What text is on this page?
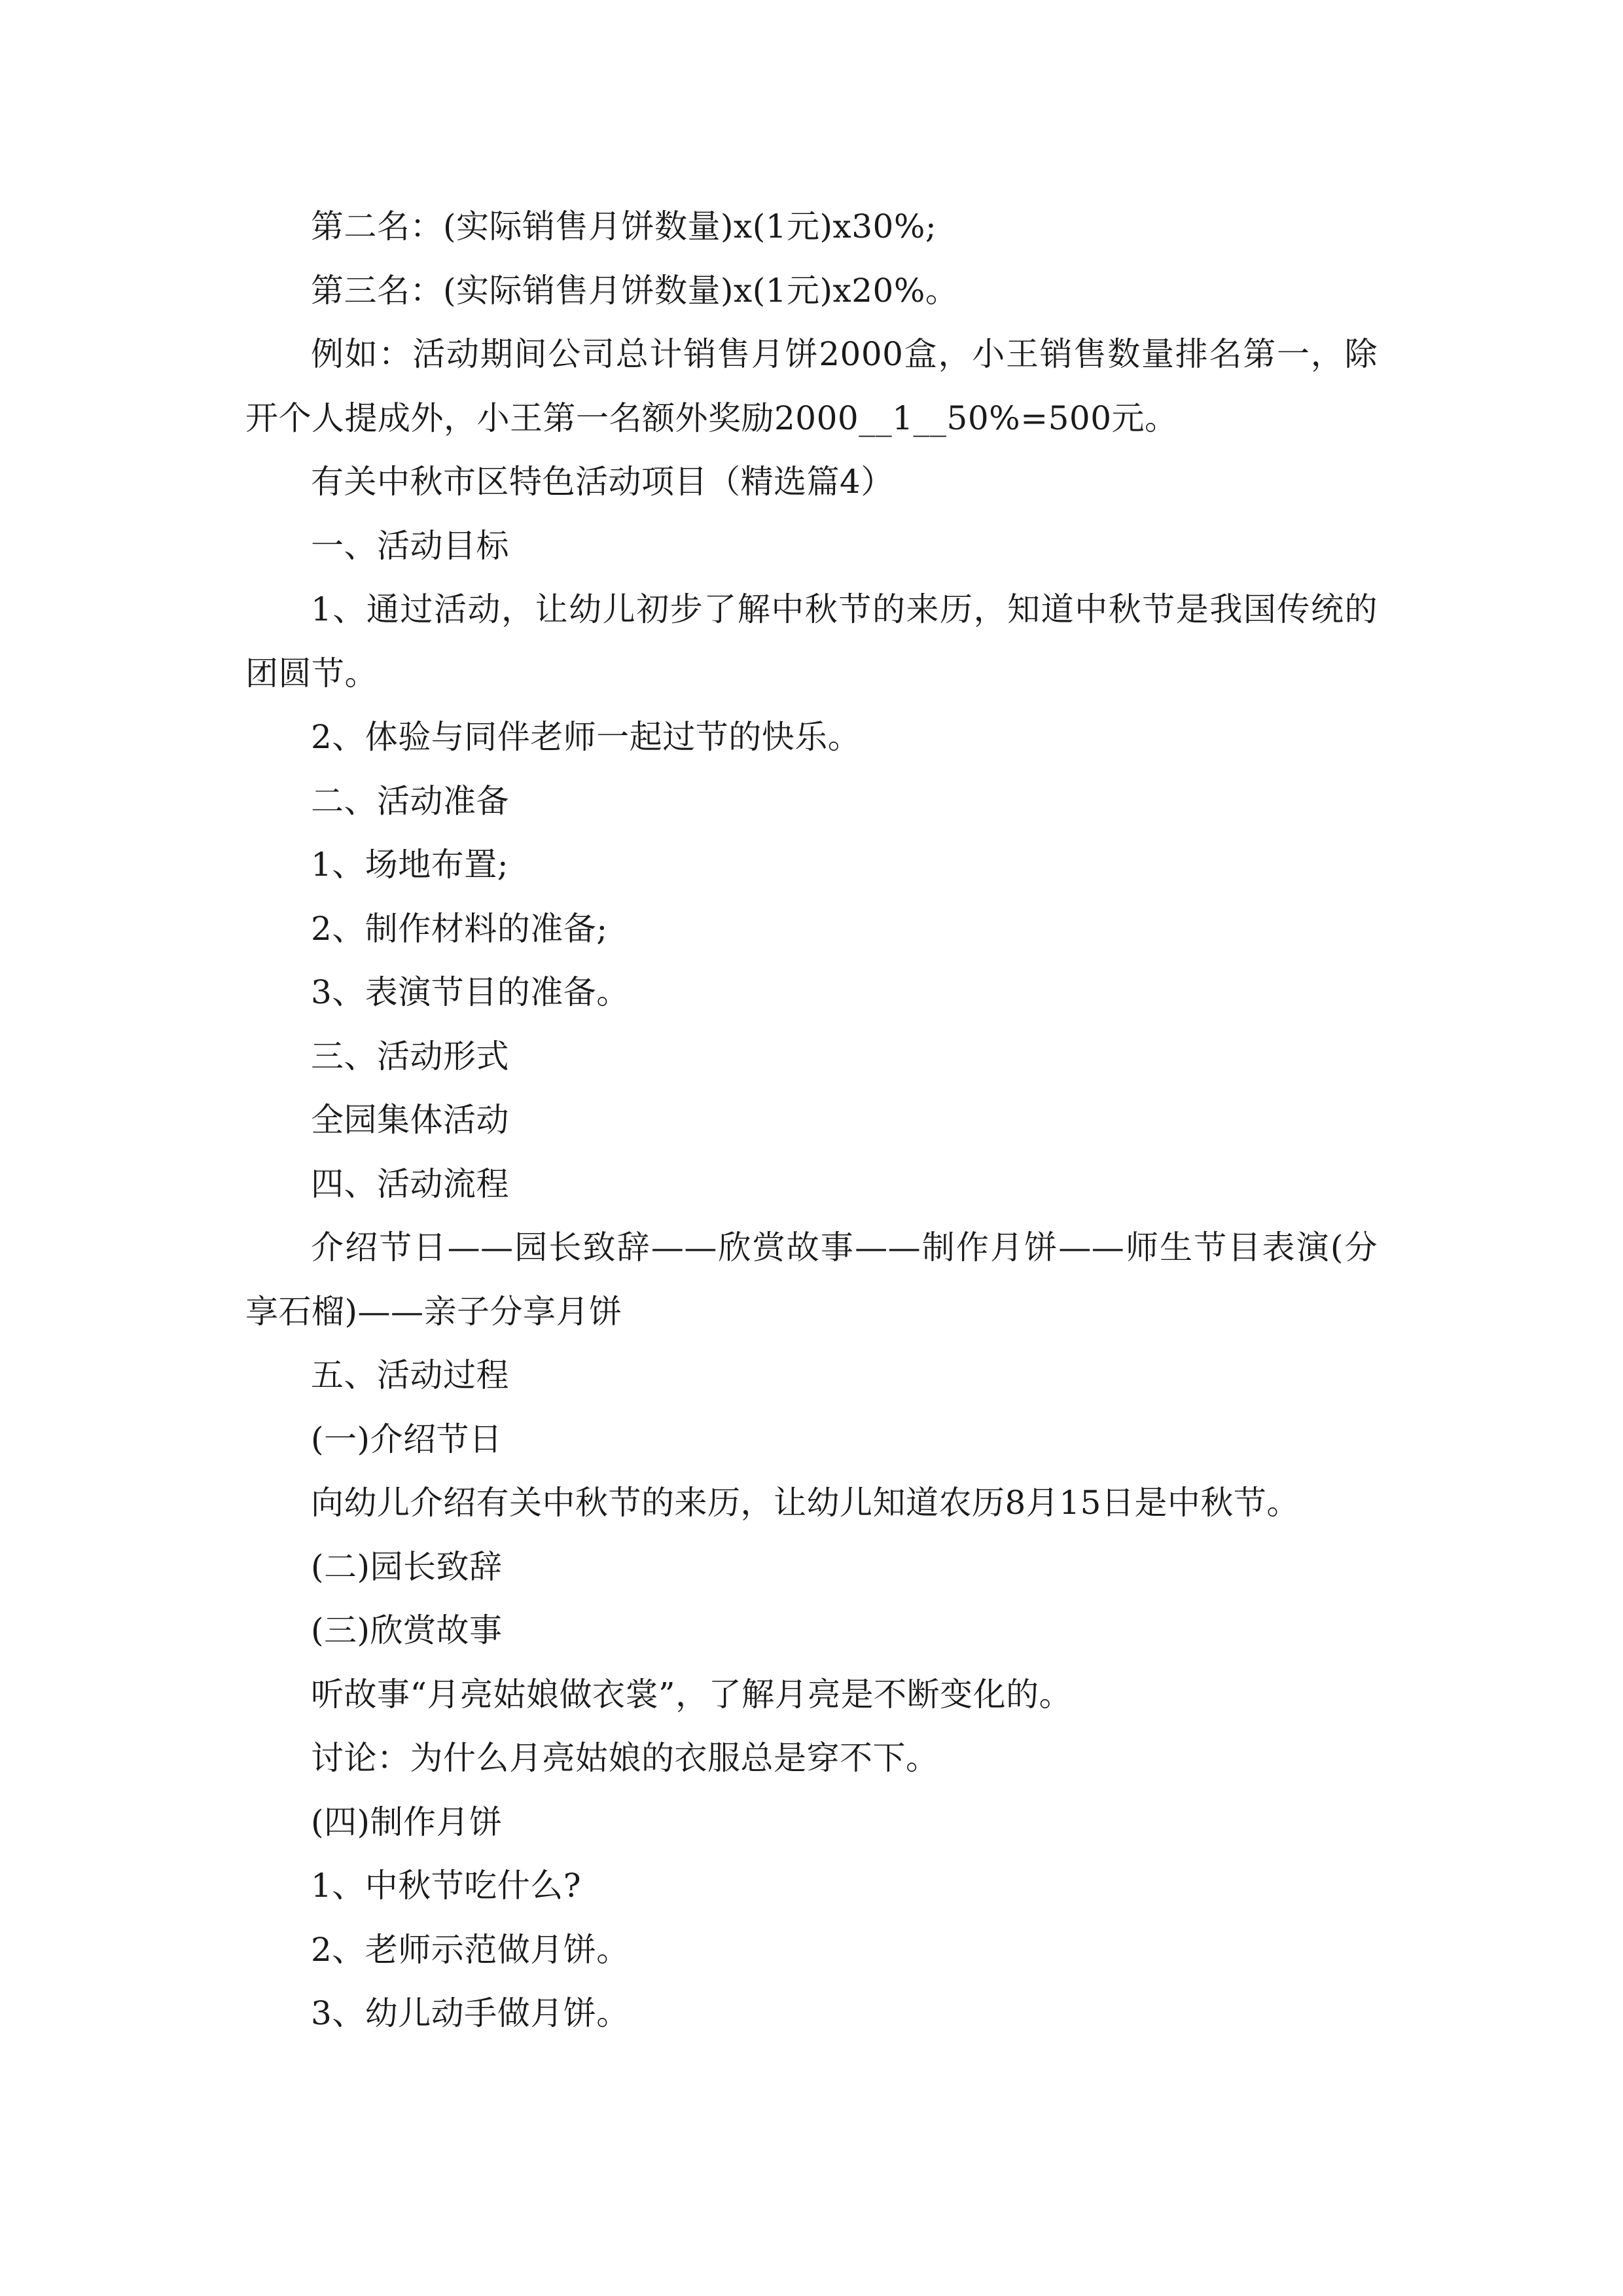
第二名：(实际销售月饼数量)x(1元)x30%;

第三名：(实际销售月饼数量)x(1元)x20%。

例如：活动期间公司总计销售月饼2000盒，小王销售数量排名第一，除开个人提成外，小王第一名额外奖励2000__1__50%=500元。

有关中秋市区特色活动项目（精选篇4）

一、活动目标

1、通过活动，让幼儿初步了解中秋节的来历，知道中秋节是我国传统的团圆节。

2、体验与同伴老师一起过节的快乐。

二、活动准备

1、场地布置;

2、制作材料的准备;

3、表演节目的准备。

三、活动形式

全园集体活动

四、活动流程

介绍节日——园长致辞——欣赏故事——制作月饼——师生节目表演(分享石榴)——亲子分享月饼

五、活动过程

(一)介绍节日

向幼儿介绍有关中秋节的来历，让幼儿知道农历8月15日是中秋节。

(二)园长致辞

(三)欣赏故事

听故事“月亮姑娘做衣裳”，了解月亮是不断变化的。

讨论：为什么月亮姑娘的衣服总是穿不下。

(四)制作月饼

1、中秋节吃什么?

2、老师示范做月饼。

3、幼儿动手做月饼。
